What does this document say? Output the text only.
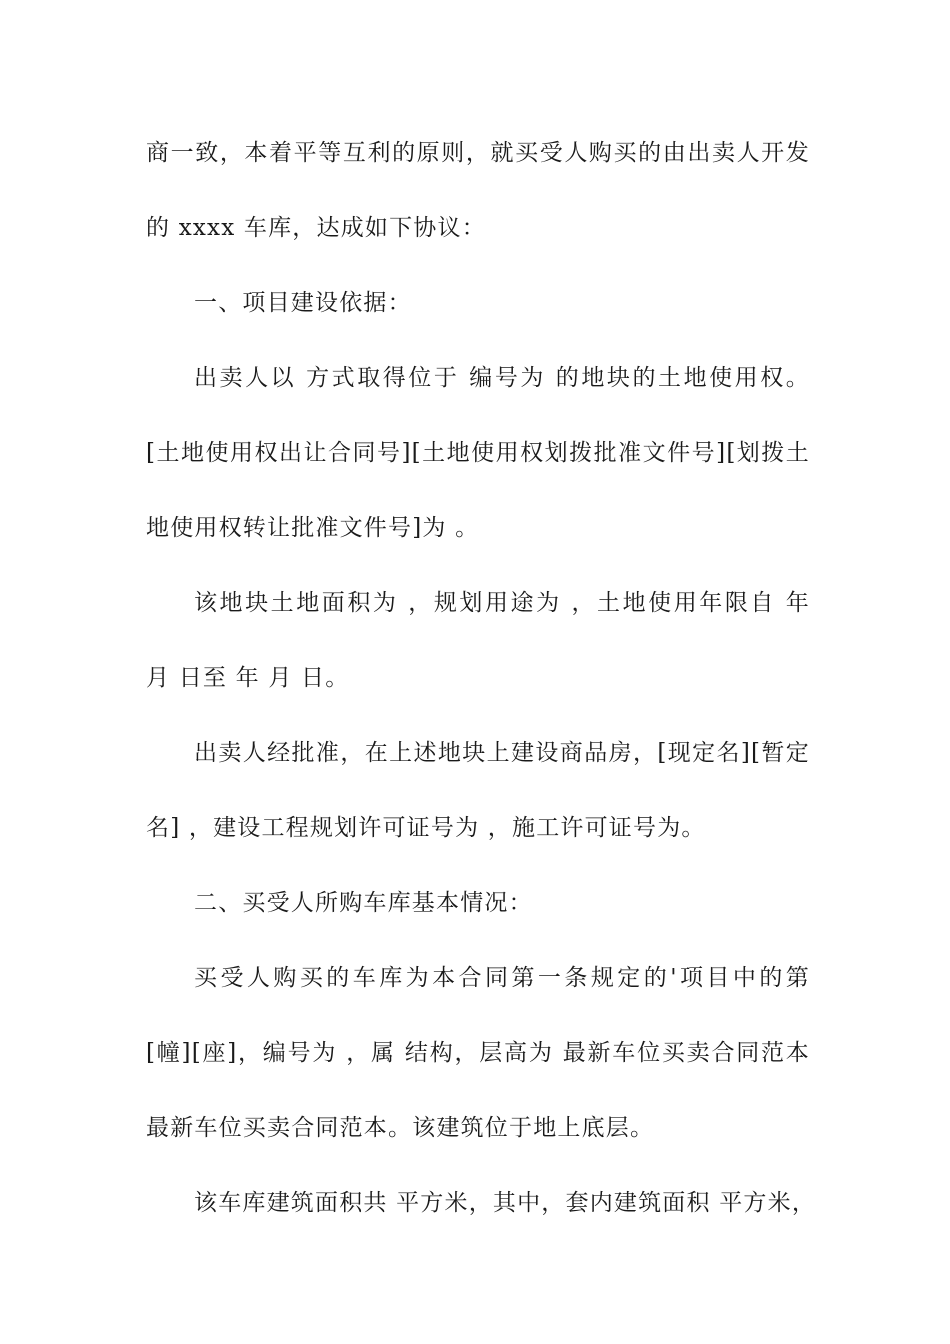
商一致，本着平等互利的原则，就买受人购买的由出卖人开发
的 xxxx 车库，达成如下协议：
一、项目建设依据：
出卖人以 方式取得位于 编号为 的地块的土地使用权。
[土地使用权出让合同号][土地使用权划拨批准文件号][划拨土
地使用权转让批准文件号]为 。
该地块土地面积为 ，规划用途为 ，土地使用年限自 年
月 日至 年 月 日。
出卖人经批准，在上述地块上建设商品房，[现定名][暂定
名] ，建设工程规划许可证号为 ，施工许可证号为。
二、买受人所购车库基本情况：
买受人购买的车库为本合同第一条规定的'项目中的第
[幢][座]，编号为 ，属 结构，层高为 最新车位买卖合同范本
最新车位买卖合同范本。该建筑位于地上底层。
该车库建筑面积共 平方米，其中，套内建筑面积 平方米，
